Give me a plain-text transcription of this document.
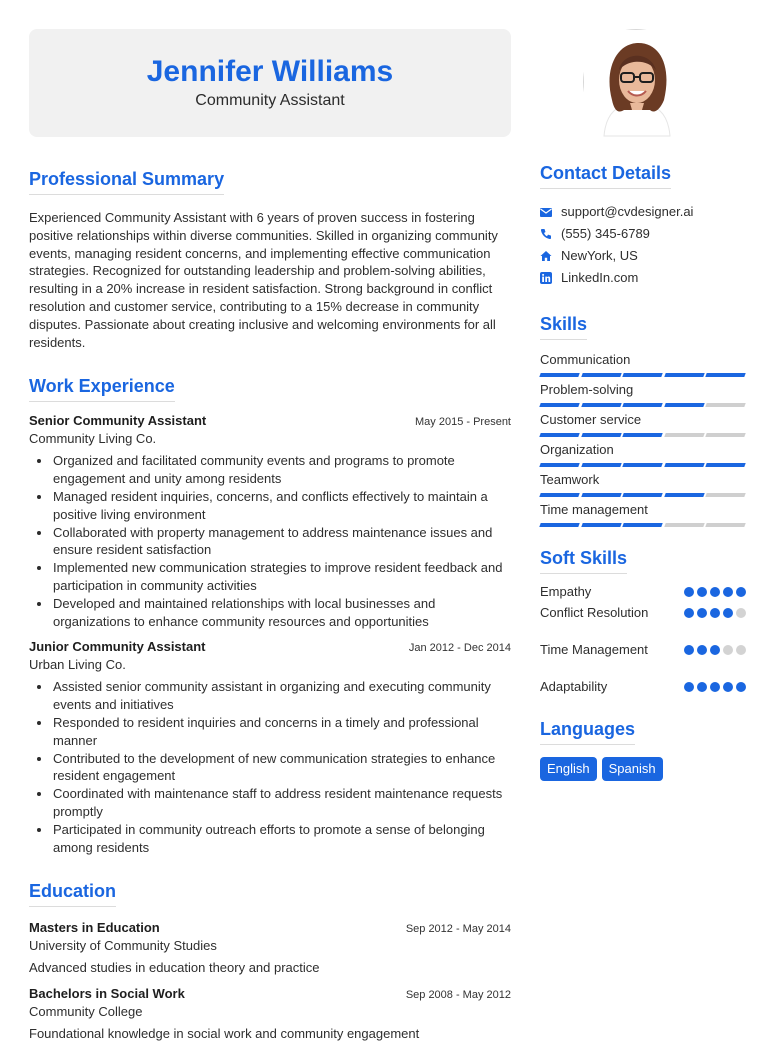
Jennifer Williams
Community Assistant
Professional Summary

Experienced Community Assistant with 6 years of proven success in fostering positive relationships within diverse communities. Skilled in organizing community events, managing resident concerns, and implementing effective communication strategies. Recognized for outstanding leadership and problem-solving abilities, resulting in a 20% increase in resident satisfaction. Strong background in conflict resolution and customer service, contributing to a 15% decrease in community disputes. Passionate about creating inclusive and welcoming environments for all residents.

Work Experience
Senior Community Assistant	May 2015 - Present
Community Living Co.
Organized and facilitated community events and programs to promote engagement and unity among residents
Managed resident inquiries, concerns, and conflicts effectively to maintain a positive living environment
Collaborated with property management to address maintenance issues and ensure resident satisfaction
Implemented new communication strategies to improve resident feedback and participation in community activities
Developed and maintained relationships with local businesses and organizations to enhance community resources and opportunities
Junior Community Assistant	Jan 2012 - Dec 2014
Urban Living Co.
Assisted senior community assistant in organizing and executing community events and initiatives
Responded to resident inquiries and concerns in a timely and professional manner
Contributed to the development of new communication strategies to enhance resident engagement
Coordinated with maintenance staff to address resident maintenance requests promptly
Participated in community outreach efforts to promote a sense of belonging among residents
Education
Masters in Education	Sep 2012 - May 2014
University of Community Studies
Advanced studies in education theory and practice
Bachelors in Social Work	Sep 2008 - May 2012
Community College
Foundational knowledge in social work and community engagement
Contact Details
support@cvdesigner.ai
(555) 345-6789
NewYork, US
LinkedIn.com
Skills
Communication
Problem-solving
Customer service
Organization
Teamwork
Time management
Soft Skills
Empathy
Conflict Resolution
Time Management
Adaptability
Languages
English	Spanish
